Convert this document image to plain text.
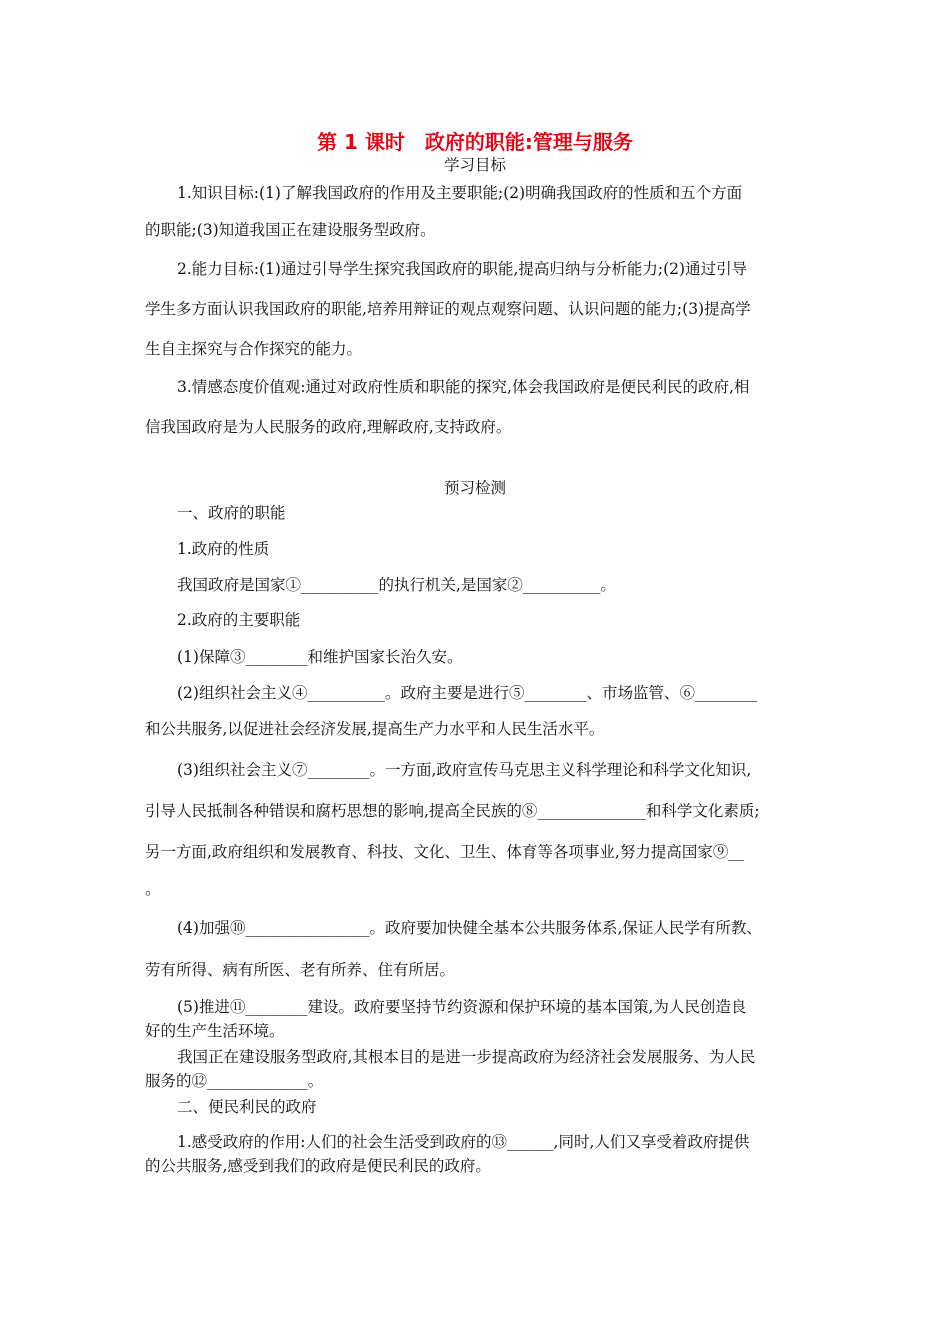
第 1 课时　政府的职能:管理与服务
学习目标
1.知识目标:(1)了解我国政府的作用及主要职能;(2)明确我国政府的性质和五个方面
的职能;(3)知道我国正在建设服务型政府。
2.能力目标:(1)通过引导学生探究我国政府的职能,提高归纳与分析能力;(2)通过引导
学生多方面认识我国政府的职能,培养用辩证的观点观察问题、认识问题的能力;(3)提高学
生自主探究与合作探究的能力。
3.情感态度价值观:通过对政府性质和职能的探究,体会我国政府是便民利民的政府,相
信我国政府是为人民服务的政府,理解政府,支持政府。
预习检测
一、政府的职能
1.政府的性质
我国政府是国家①__________的执行机关,是国家②__________。
2.政府的主要职能
(1)保障③________和维护国家长治久安。
(2)组织社会主义④__________。政府主要是进行⑤________、市场监管、⑥________
和公共服务,以促进社会经济发展,提高生产力水平和人民生活水平。
(3)组织社会主义⑦________。一方面,政府宣传马克思主义科学理论和科学文化知识,
引导人民抵制各种错误和腐朽思想的影响,提高全民族的⑧______________和科学文化素质;
另一方面,政府组织和发展教育、科技、文化、卫生、体育等各项事业,努力提高国家⑨__
。
(4)加强⑩________________。政府要加快健全基本公共服务体系,保证人民学有所教、
劳有所得、病有所医、老有所养、住有所居。
(5)推进⑪________建设。政府要坚持节约资源和保护环境的基本国策,为人民创造良
好的生产生活环境。
我国正在建设服务型政府,其根本目的是进一步提高政府为经济社会发展服务、为人民
服务的⑫_____________。
二、便民利民的政府
1.感受政府的作用:人们的社会生活受到政府的⑬______,同时,人们又享受着政府提供
的公共服务,感受到我们的政府是便民利民的政府。
